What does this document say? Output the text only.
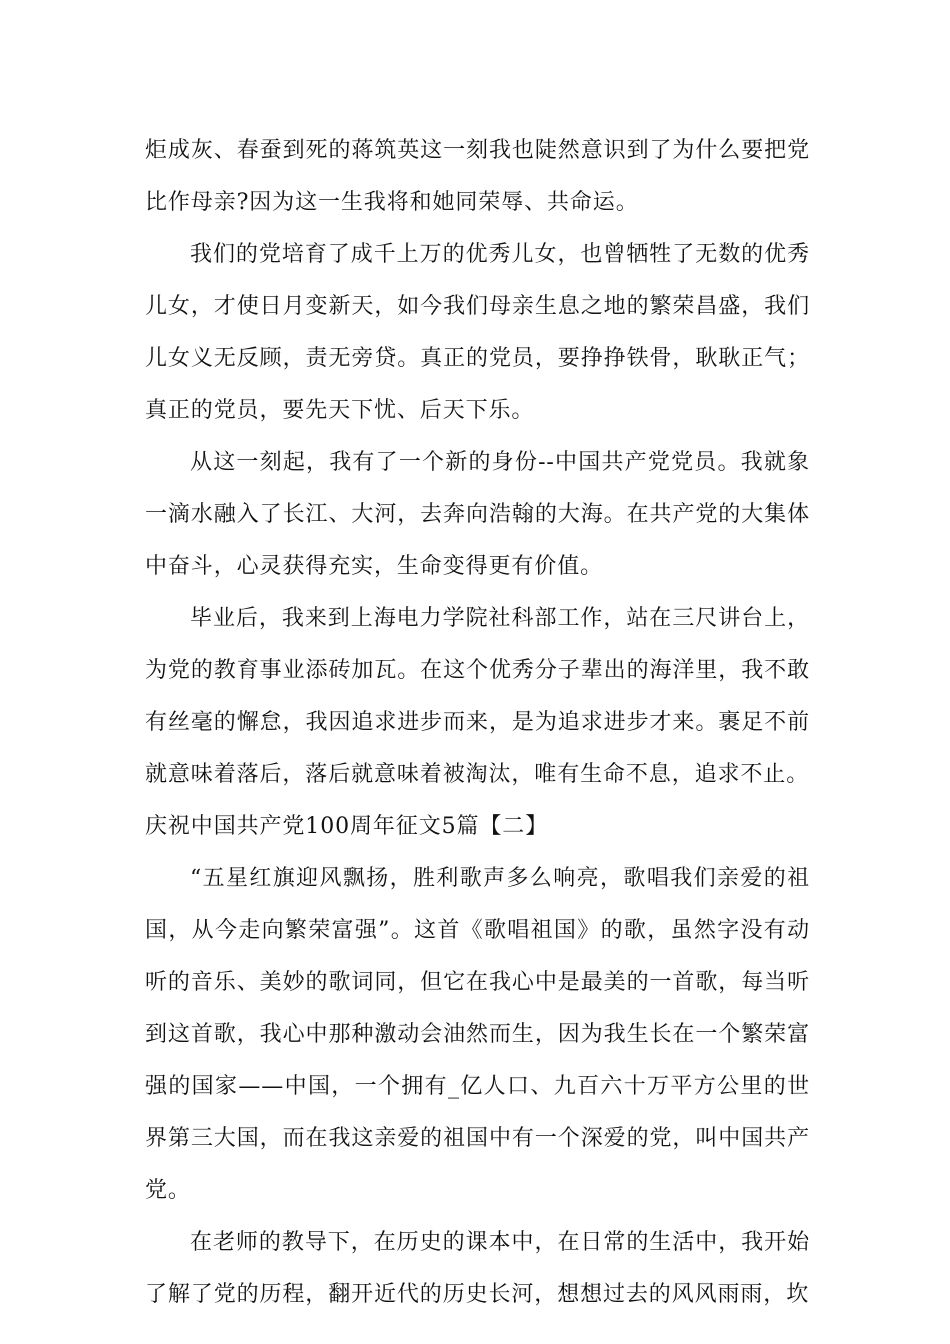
炬成灰、春蚕到死的蒋筑英这一刻我也陡然意识到了为什么要把党比作母亲?因为这一生我将和她同荣辱、共命运。

我们的党培育了成千上万的优秀儿女，也曾牺牲了无数的优秀儿女，才使日月变新天，如今我们母亲生息之地的繁荣昌盛，我们儿女义无反顾，责无旁贷。真正的党员，要挣挣铁骨，耿耿正气；真正的党员，要先天下忧、后天下乐。

从这一刻起，我有了一个新的身份--中国共产党党员。我就象一滴水融入了长江、大河，去奔向浩翰的大海。在共产党的大集体中奋斗，心灵获得充实，生命变得更有价值。

毕业后，我来到上海电力学院社科部工作，站在三尺讲台上，为党的教育事业添砖加瓦。在这个优秀分子辈出的海洋里，我不敢有丝毫的懈怠，我因追求进步而来，是为追求进步才来。裹足不前就意味着落后，落后就意味着被淘汰，唯有生命不息，追求不止。

庆祝中国共产党100周年征文5篇【二】

“五星红旗迎风飘扬，胜利歌声多么响亮，歌唱我们亲爱的祖国，从今走向繁荣富强”。这首《歌唱祖国》的歌，虽然字没有动听的音乐、美妙的歌词同，但它在我心中是最美的一首歌，每当听到这首歌，我心中那种激动会油然而生，因为我生长在一个繁荣富强的国家——中国，一个拥有_亿人口、九百六十万平方公里的世界第三大国，而在我这亲爱的祖国中有一个深爱的党，叫中国共产党。

在老师的教导下，在历史的课本中，在日常的生活中，我开始了解了党的历程，翻开近代的历史长河，想想过去的风风雨雨，坎
